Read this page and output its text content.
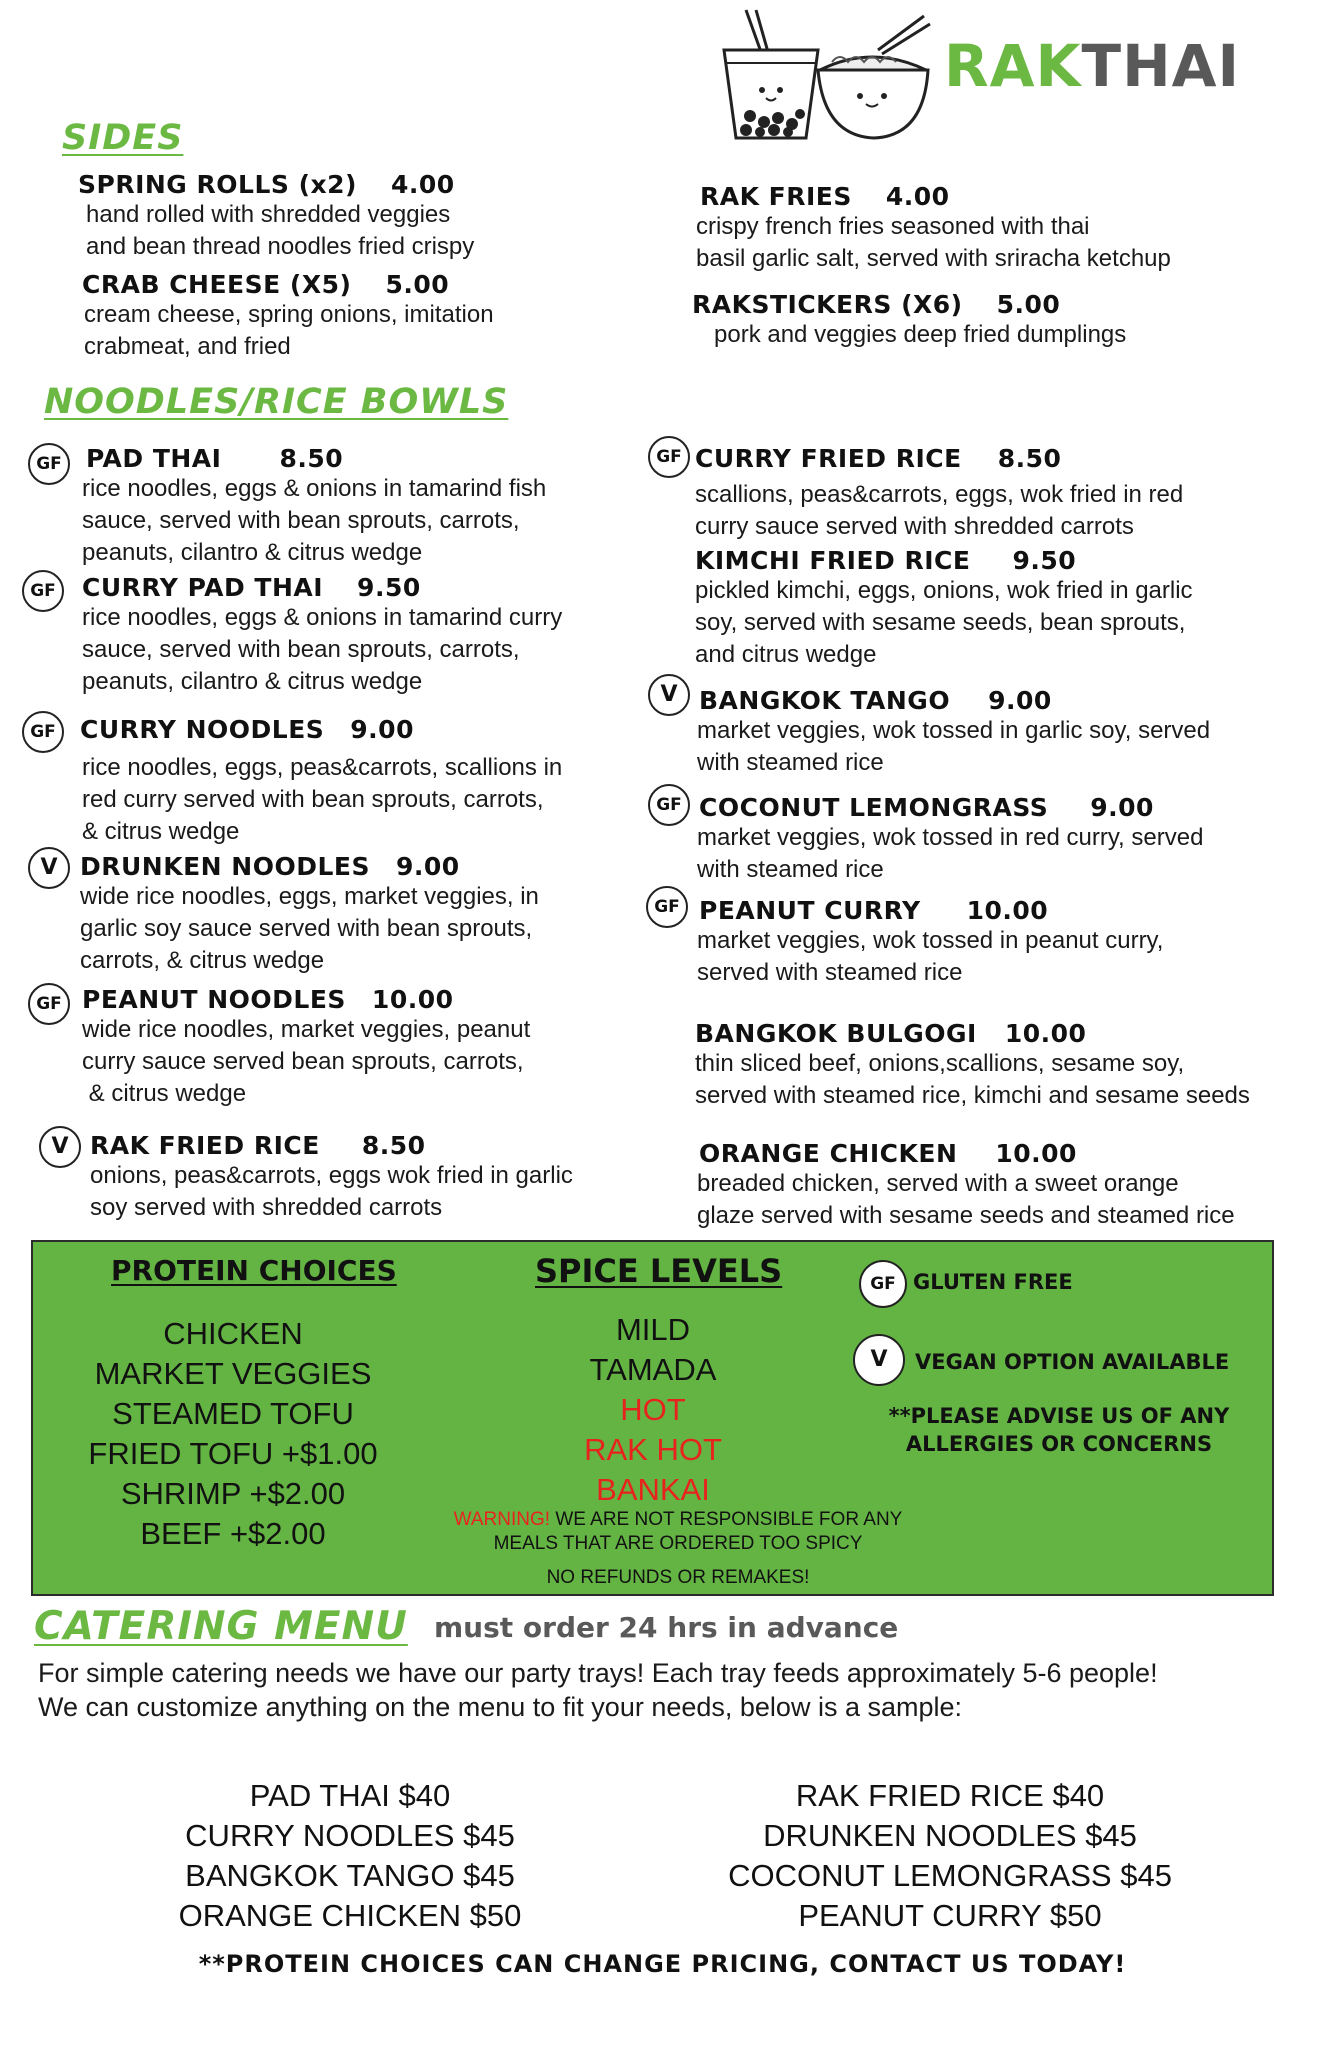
RAKTHAI
SIDES
SPRING ROLLS (x2) 4.00
hand rolled with shredded veggies
and bean thread noodles fried crispy
CRAB CHEESE (X5) 5.00
cream cheese, spring onions, imitation
crabmeat, and fried
RAK FRIES 4.00
crispy french fries seasoned with thai
basil garlic salt, served with sriracha ketchup
RAKSTICKERS (X6) 5.00
pork and veggies deep fried dumplings
NOODLES/RICE BOWLS
GF PAD THAI 8.50
rice noodles, eggs & onions in tamarind fish
sauce, served with bean sprouts, carrots,
peanuts, cilantro & citrus wedge
GF	CURRY PAD THAI 9.50
rice noodles, eggs & onions in tamarind curry
sauce, served with bean sprouts, carrots,
peanuts, cilantro & citrus wedge
GF CURRY NOODLES 9.00
rice noodles, eggs, peas&carrots, scallions in
red curry served with bean sprouts, carrots,
& citrus wedge
V DRUNKEN NOODLES 9.00
wide rice noodles, eggs, market veggies, in
garlic soy sauce served with bean sprouts,
carrots, & citrus wedge
GF PEANUT NOODLES 10.00
wide rice noodles, market veggies, peanut
curry sauce served bean sprouts, carrots,
& citrus wedge
V RAK FRIED RICE 8.50
onions, peas&carrots, eggs wok fried in garlic
soy served with shredded carrots
GF CURRY FRIED RICE 8.50
scallions, peas&carrots, eggs, wok fried in red
curry sauce served with shredded carrots
KIMCHI FRIED RICE 9.50
pickled kimchi, eggs, onions, wok fried in garlic
soy, served with sesame seeds, bean sprouts,
and citrus wedge
V BANGKOK TANGO 9.00
market veggies, wok tossed in garlic soy, served
with steamed rice
GF COCONUT LEMONGRASS 9.00
market veggies, wok tossed in red curry, served
with steamed rice
GF PEANUT CURRY 10.00
market veggies, wok tossed in peanut curry,
served with steamed rice
BANGKOK BULGOGI 10.00
thin sliced beef, onions,scallions, sesame soy,
served with steamed rice, kimchi and sesame seeds
ORANGE CHICKEN 10.00
breaded chicken, served with a sweet orange
glaze served with sesame seeds and steamed rice
PROTEIN CHOICES
CHICKEN
MARKET VEGGIES
STEAMED TOFU
FRIED TOFU +$1.00
SHRIMP +$2.00
BEEF +$2.00
SPICE LEVELS
MILD
TAMADA
HOT
RAK HOT
BANKAI
WARNING! WE ARE NOT RESPONSIBLE FOR ANY
MEALS THAT ARE ORDERED TOO SPICY
NO REFUNDS OR REMAKES!
GF GLUTEN FREE
V	VEGAN OPTION AVAILABLE
**PLEASE ADVISE US OF ANY
ALLERGIES OR CONCERNS
CATERING MENU must order 24 hrs in advance
For simple catering needs we have our party trays! Each tray feeds approximately 5-6 people!
We can customize anything on the menu to fit your needs, below is a sample:
PAD THAI $40
CURRY NOODLES $45
BANGKOK TANGO $45
ORANGE CHICKEN $50
RAK FRIED RICE $40
DRUNKEN NOODLES $45
COCONUT LEMONGRASS $45
PEANUT CURRY $50
**PROTEIN CHOICES CAN CHANGE PRICING, CONTACT US TODAY!
